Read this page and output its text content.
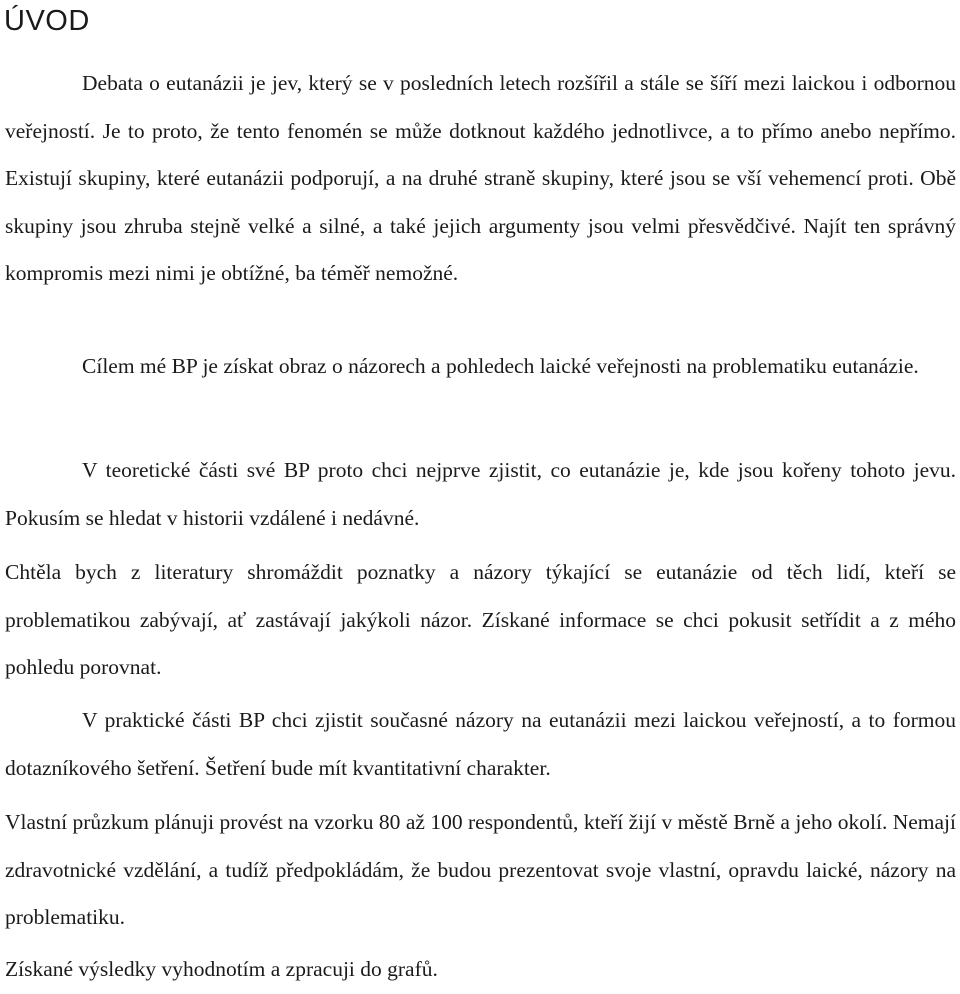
ÚVOD

Debata o eutanázii je jev, který se v posledních letech rozšířil a stále se šíří mezi laickou i odbornou veřejností. Je to proto, že tento fenomén se může dotknout každého jednotlivce, a to přímo anebo nepřímo. Existují skupiny, které eutanázii podporují, a na druhé straně skupiny, které jsou se vší vehemencí proti. Obě skupiny jsou zhruba stejně velké a silné, a také jejich argumenty jsou velmi přesvědčivé. Najít ten správný kompromis mezi nimi je obtížné, ba téměř nemožné.

Cílem mé BP je získat obraz o názorech a pohledech laické veřejnosti na problematiku eutanázie.

V teoretické části své BP proto chci nejprve zjistit, co eutanázie je, kde jsou kořeny tohoto jevu. Pokusím se hledat v historii vzdálené i nedávné.

Chtěla bych z literatury shromáždit poznatky a názory týkající se eutanázie od těch lidí, kteří se problematikou zabývají, ať zastávají jakýkoli názor. Získané informace se chci pokusit setřídit a z mého pohledu porovnat.

V praktické části BP chci zjistit současné názory na eutanázii mezi laickou veřejností, a to formou dotazníkového šetření. Šetření bude mít kvantitativní charakter.

Vlastní průzkum plánuji provést na vzorku 80 až 100 respondentů, kteří žijí v městě Brně a jeho okolí. Nemají zdravotnické vzdělání, a tudíž předpokládám, že budou prezentovat svoje vlastní, opravdu laické, názory na problematiku.

Získané výsledky vyhodnotím a zpracuji do grafů.
